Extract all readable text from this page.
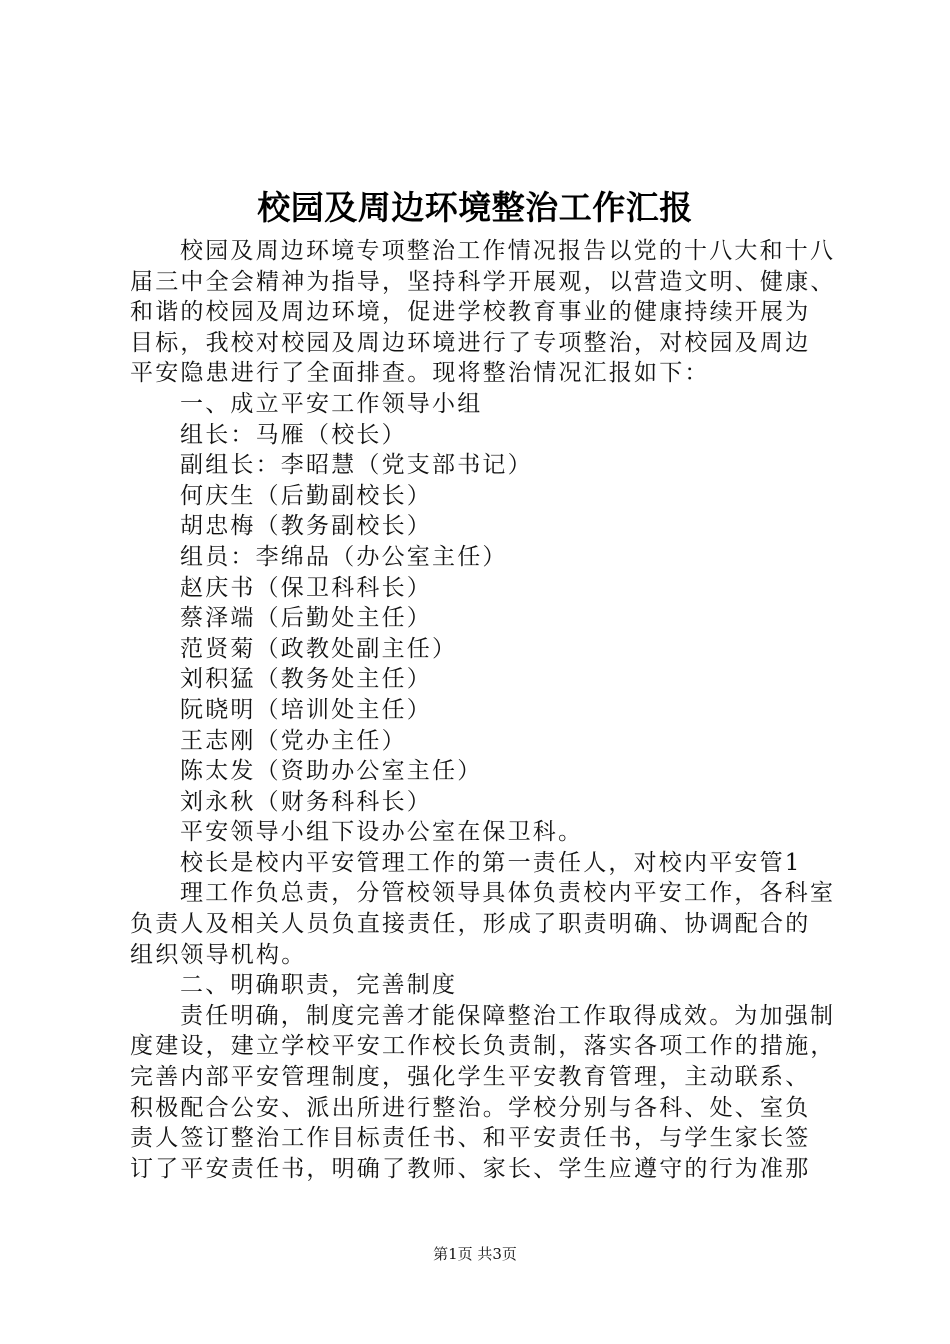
校园及周边环境整治工作汇报

校园及周边环境专项整治工作情况报告以党的十八大和十八

届三中全会精神为指导，坚持科学开展观，以营造文明、健康、

和谐的校园及周边环境，促进学校教育事业的健康持续开展为

目标，我校对校园及周边环境进行了专项整治，对校园及周边

平安隐患进行了全面排查。现将整治情况汇报如下：

一、成立平安工作领导小组

组长：马雁（校长）

副组长：李昭慧（党支部书记）

何庆生（后勤副校长）

胡忠梅（教务副校长）

组员：李绵品（办公室主任）

赵庆书（保卫科科长）

蔡泽端（后勤处主任）

范贤菊（政教处副主任）

刘积猛（教务处主任）

阮晓明（培训处主任）

王志刚（党办主任）

陈太发（资助办公室主任）

刘永秋（财务科科长）

平安领导小组下设办公室在保卫科。

校长是校内平安管理工作的第一责任人，对校内平安管1

理工作负总责，分管校领导具体负责校内平安工作，各科室

负责人及相关人员负直接责任，形成了职责明确、协调配合的

组织领导机构。

二、明确职责，完善制度

责任明确，制度完善才能保障整治工作取得成效。为加强制

度建设，建立学校平安工作校长负责制，落实各项工作的措施，

完善内部平安管理制度，强化学生平安教育管理，主动联系、

积极配合公安、派出所进行整治。学校分别与各科、处、室负

责人签订整治工作目标责任书、和平安责任书，与学生家长签

订了平安责任书，明确了教师、家长、学生应遵守的行为准那

第1页 共3页
